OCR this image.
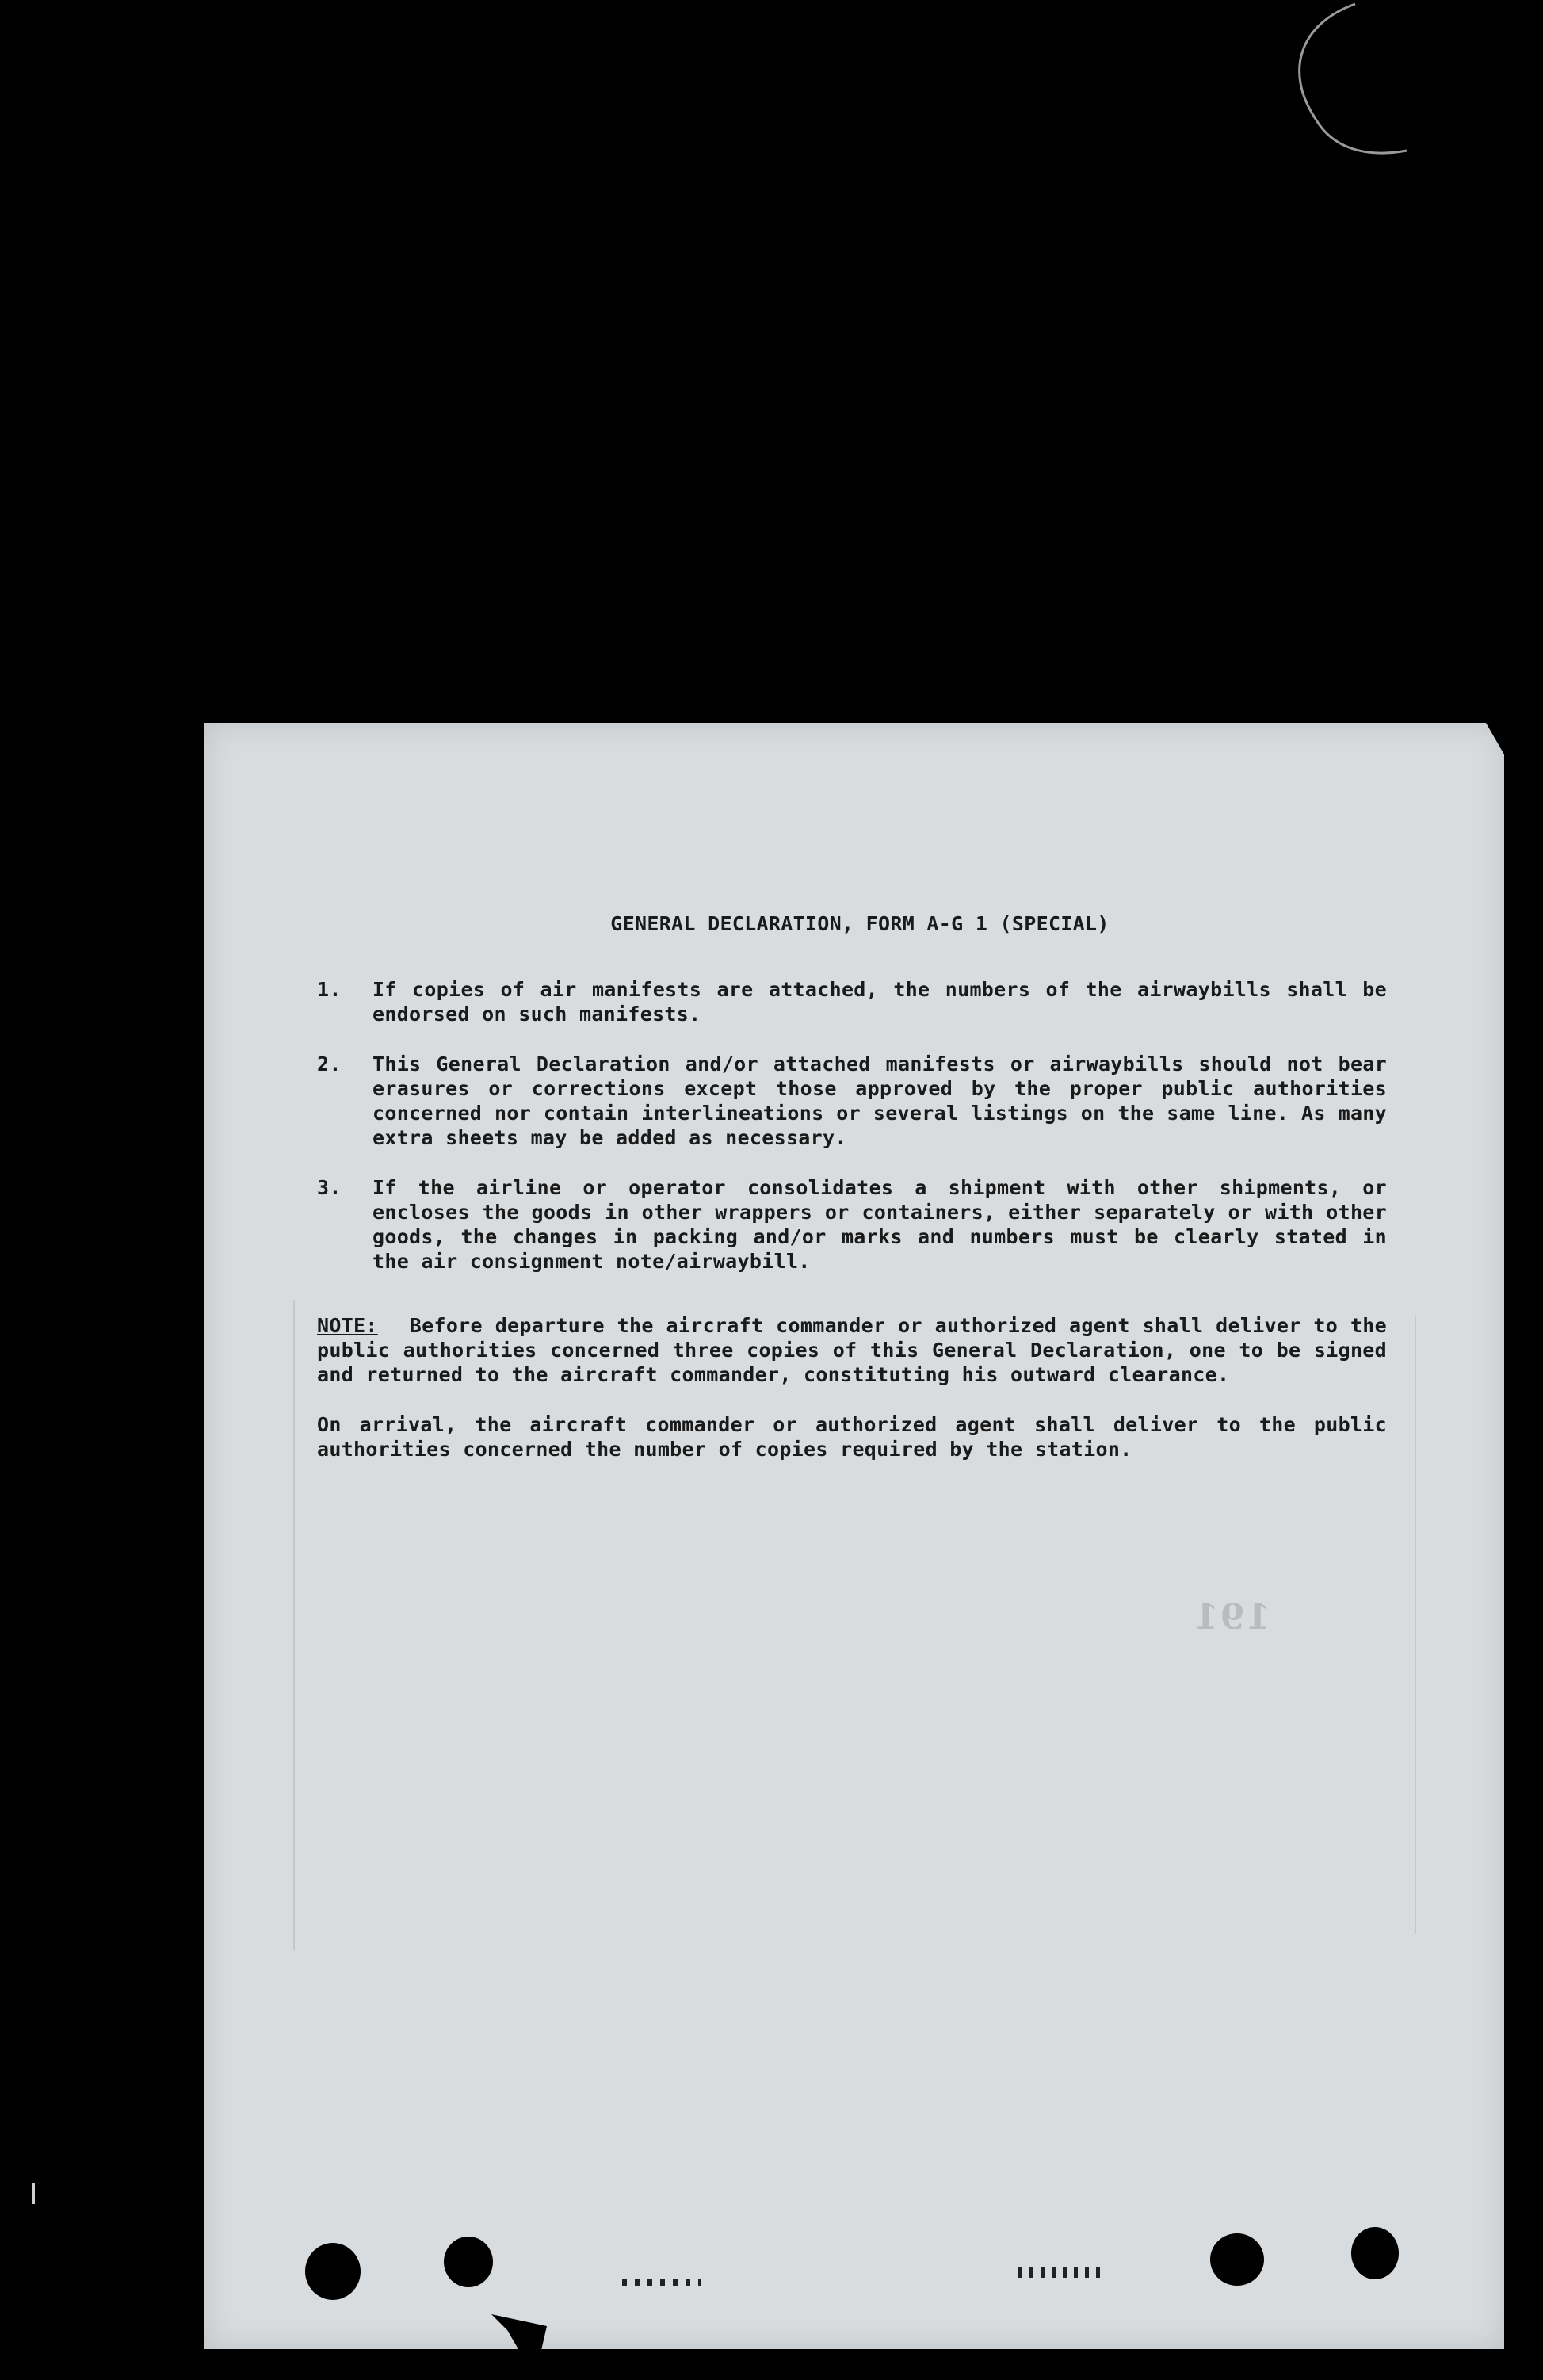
GENERAL DECLARATION, FORM A-G 1 (SPECIAL)
1.	If copies of air manifests are attached, the numbers of the airwaybills shall be endorsed on such manifests.
2.	This General Declaration and/or attached manifests or airwaybills should not bear erasures or corrections except those approved by the proper public authorities concerned nor contain interlineations or several listings on the same line. As many extra sheets may be added as necessary.
3.	If the airline or operator consolidates a shipment with other shipments, or encloses the goods in other wrappers or containers, either separately or with other goods, the changes in packing and/or marks and numbers must be clearly stated in the air consignment note/airwaybill.
NOTE: Before departure the aircraft commander or authorized agent shall deliver to the public authorities concerned three copies of this General Declaration, one to be signed and returned to the aircraft commander, constituting his outward clearance.
On arrival, the aircraft commander or authorized agent shall deliver to the public authorities concerned the number of copies required by the station.
191
